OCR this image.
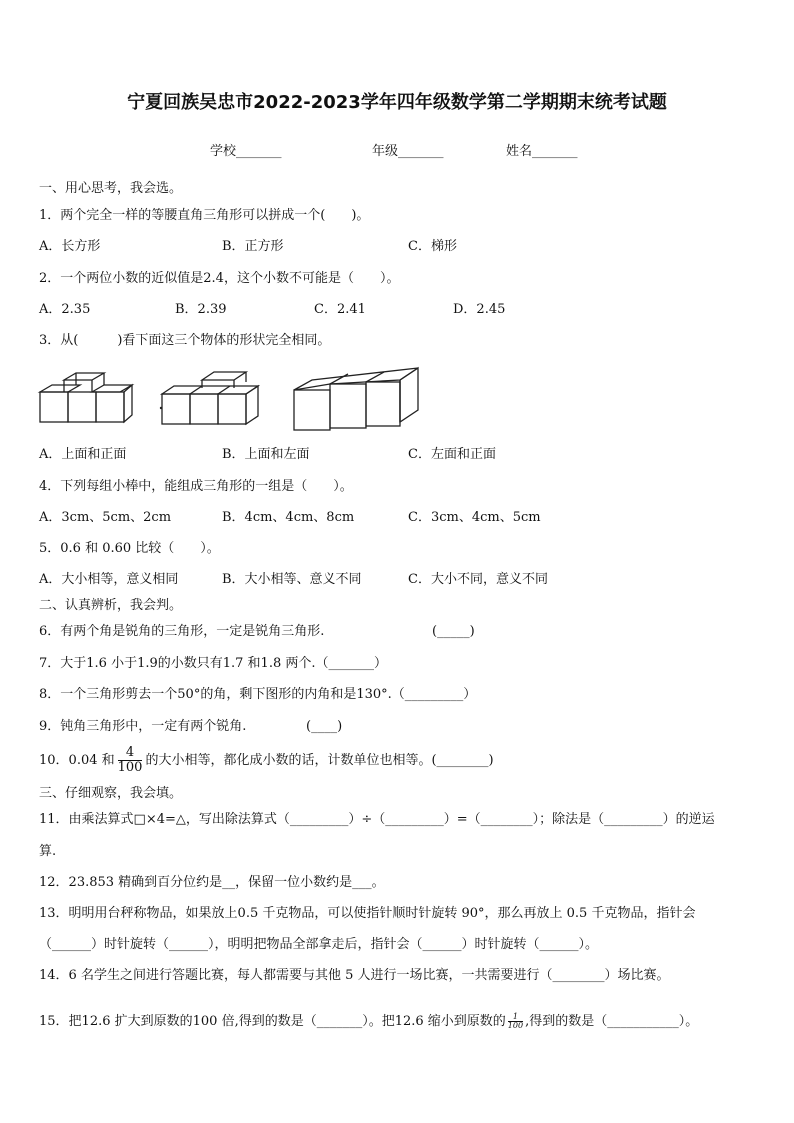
宁夏回族吴忠市2022-2023学年四年级数学第二学期期末统考试题
学校_______	年级_______	姓名_______
一、用心思考，我会选。
1．两个完全一样的等腰直角三角形可以拼成一个(　　)。
A．长方形	B．正方形	C．梯形
2．一个两位小数的近似值是2.4，这个小数不可能是（　　）。
A．2.35	B．2.39	C．2.41	D．2.45
3．从(　　　)看下面这三个物体的形状完全相同。
A．上面和正面	B．上面和左面	C．左面和正面
4．下列每组小棒中，能组成三角形的一组是（　　）。
A．3cm、5cm、2cm	B．4cm、4cm、8cm	C．3cm、4cm、5cm
5．0.6 和 0.60 比较（　　）。
A．大小相等，意义相同	B．大小相等、意义不同	C．大小不同，意义不同
二、认真辨析，我会判。
6．有两个角是锐角的三角形，一定是锐角三角形.	(_____)
7．大于1.6 小于1.9的小数只有1.7 和1.8 两个.（_______）
8．一个三角形剪去一个50°的角，剩下图形的内角和是130°.（_________）
9．钝角三角形中，一定有两个锐角.	(____)
10．0.04 和 $\frac{4}{100}$ 的大小相等，都化成小数的话，计数单位也相等。(________)
三、仔细观察，我会填。
11．由乘法算式□×4=△，写出除法算式（_________）÷（_________）=（________）；除法是（_________）的逆运
算.
12．23.853 精确到百分位约是__，保留一位小数约是___。
13．明明用台秤称物品，如果放上0.5 千克物品，可以使指针顺时针旋转 90°，那么再放上 0.5 千克物品，指针会
（______）时针旋转（______），明明把物品全部拿走后，指针会（______）时针旋转（______）。
14．6 名学生之间进行答题比赛，每人都需要与其他 5 人进行一场比赛，一共需要进行（________）场比赛。
15．把12.6 扩大到原数的100 倍,得到的数是（_______）。把12.6 缩小到原数的 $\frac{1}{100}$ ,得到的数是（___________）。
